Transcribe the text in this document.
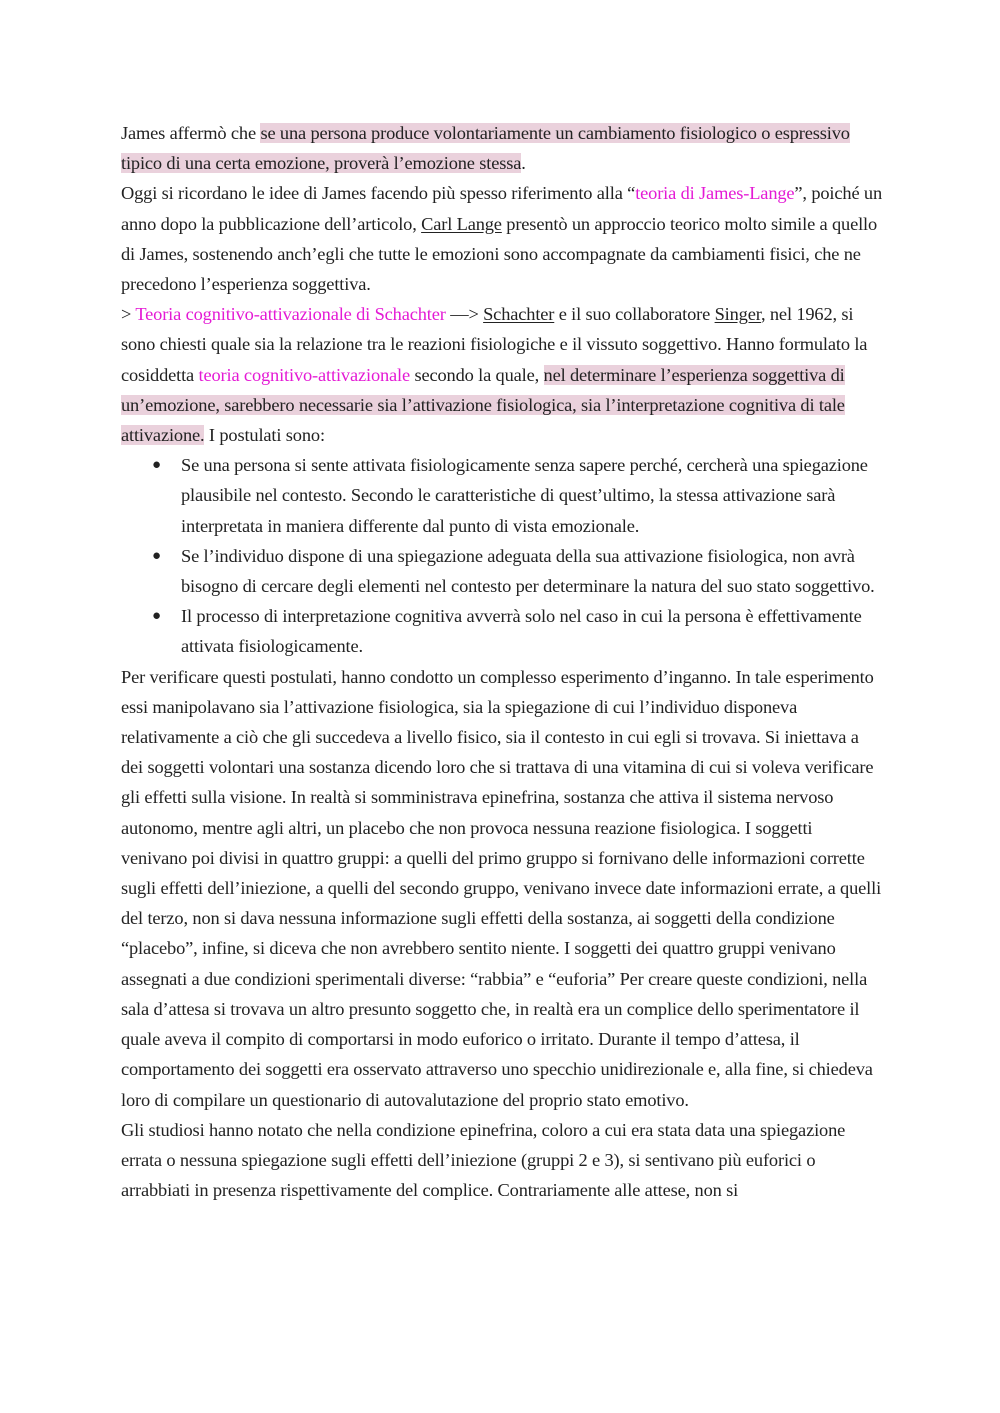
James affermò che se una persona produce volontariamente un cambiamento fisiologico o espressivo tipico di una certa emozione, proverà l’emozione stessa.

Oggi si ricordano le idee di James facendo più spesso riferimento alla “teoria di James-Lange”, poiché un anno dopo la pubblicazione dell’articolo, Carl Lange presentò un approccio teorico molto simile a quello di James, sostenendo anch’egli che tutte le emozioni sono accompagnate da cambiamenti fisici, che ne precedono l’esperienza soggettiva.

> Teoria cognitivo-attivazionale di Schachter —> Schachter e il suo collaboratore Singer, nel 1962, si sono chiesti quale sia la relazione tra le reazioni fisiologiche e il vissuto soggettivo. Hanno formulato la cosiddetta teoria cognitivo-attivazionale secondo la quale, nel determinare l’esperienza soggettiva di un’emozione, sarebbero necessarie sia l’attivazione fisiologica, sia l’interpretazione cognitiva di tale attivazione. I postulati sono:

● Se una persona si sente attivata fisiologicamente senza sapere perché, cercherà una spiegazione plausibile nel contesto. Secondo le caratteristiche di quest’ultimo, la stessa attivazione sarà interpretata in maniera differente dal punto di vista emozionale.
● Se l’individuo dispone di una spiegazione adeguata della sua attivazione fisiologica, non avrà bisogno di cercare degli elementi nel contesto per determinare la natura del suo stato soggettivo.
● Il processo di interpretazione cognitiva avverrà solo nel caso in cui la persona è effettivamente attivata fisiologicamente.

Per verificare questi postulati, hanno condotto un complesso esperimento d’inganno. In tale esperimento essi manipolavano sia l’attivazione fisiologica, sia la spiegazione di cui l’individuo disponeva relativamente a ciò che gli succedeva a livello fisico, sia il contesto in cui egli si trovava. Si iniettava a dei soggetti volontari una sostanza dicendo loro che si trattava di una vitamina di cui si voleva verificare gli effetti sulla visione. In realtà si somministrava epinefrina, sostanza che attiva il sistema nervoso autonomo, mentre agli altri, un placebo che non provoca nessuna reazione fisiologica. I soggetti venivano poi divisi in quattro gruppi: a quelli del primo gruppo si fornivano delle informazioni corrette sugli effetti dell’iniezione, a quelli del secondo gruppo, venivano invece date informazioni errate, a quelli del terzo, non si dava nessuna informazione sugli effetti della sostanza, ai soggetti della condizione “placebo”, infine, si diceva che non avrebbero sentito niente. I soggetti dei quattro gruppi venivano assegnati a due condizioni sperimentali diverse: “rabbia” e “euforia” Per creare queste condizioni, nella sala d’attesa si trovava un altro presunto soggetto che, in realtà era un complice dello sperimentatore il quale aveva il compito di comportarsi in modo euforico o irritato. Durante il tempo d’attesa, il comportamento dei soggetti era osservato attraverso uno specchio unidirezionale e, alla fine, si chiedeva loro di compilare un questionario di autovalutazione del proprio stato emotivo.

Gli studiosi hanno notato che nella condizione epinefrina, coloro a cui era stata data una spiegazione errata o nessuna spiegazione sugli effetti dell’iniezione (gruppi 2 e 3), si sentivano più euforici o arrabbiati in presenza rispettivamente del complice. Contrariamente alle attese, non si
